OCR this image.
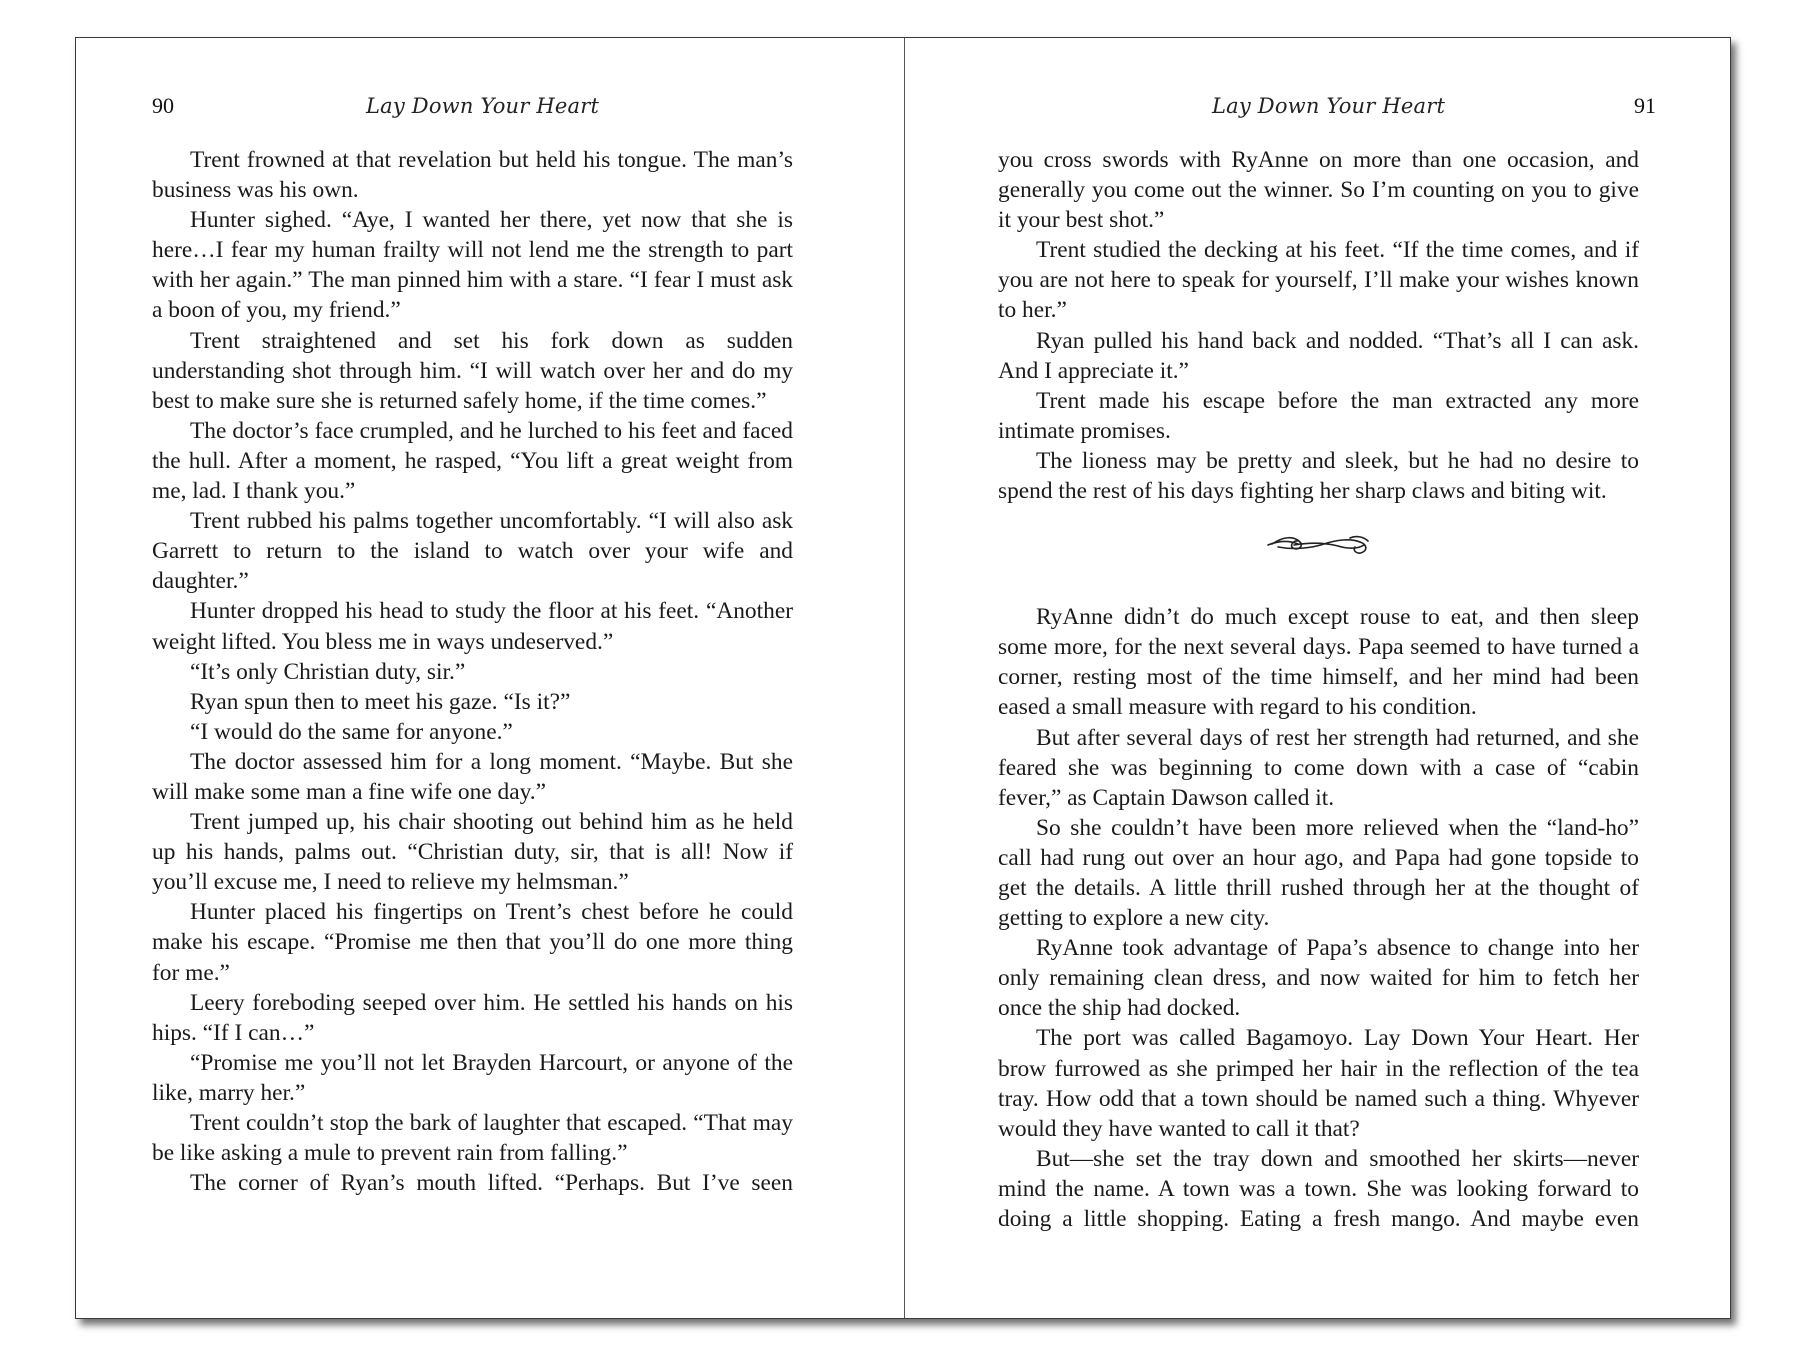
90	Lay Down Your Heart

Trent frowned at that revelation but held his tongue. The man’s business was his own.

Hunter sighed. “Aye, I wanted her there, yet now that she is here…I fear my human frailty will not lend me the strength to part with her again.” The man pinned him with a stare. “I fear I must ask a boon of you, my friend.”

Trent straightened and set his fork down as sudden understanding shot through him. “I will watch over her and do my best to make sure she is returned safely home, if the time comes.”

The doctor’s face crumpled, and he lurched to his feet and faced the hull. After a moment, he rasped, “You lift a great weight from me, lad. I thank you.”

Trent rubbed his palms together uncomfortably. “I will also ask Garrett to return to the island to watch over your wife and daughter.”

Hunter dropped his head to study the floor at his feet. “Another weight lifted. You bless me in ways undeserved.”

“It’s only Christian duty, sir.”

Ryan spun then to meet his gaze. “Is it?”

“I would do the same for anyone.”

The doctor assessed him for a long moment. “Maybe. But she will make some man a fine wife one day.”

Trent jumped up, his chair shooting out behind him as he held up his hands, palms out. “Christian duty, sir, that is all! Now if you’ll excuse me, I need to relieve my helmsman.”

Hunter placed his fingertips on Trent’s chest before he could make his escape. “Promise me then that you’ll do one more thing for me.”

Leery foreboding seeped over him. He settled his hands on his hips. “If I can…”

“Promise me you’ll not let Brayden Harcourt, or anyone of the like, marry her.”

Trent couldn’t stop the bark of laughter that escaped. “That may be like asking a mule to prevent rain from falling.”

The corner of Ryan’s mouth lifted. “Perhaps. But I’ve seen

91
Lay Down Your Heart

you cross swords with RyAnne on more than one occasion, and generally you come out the winner. So I’m counting on you to give it your best shot.”

Trent studied the decking at his feet. “If the time comes, and if you are not here to speak for yourself, I’ll make your wishes known to her.”

Ryan pulled his hand back and nodded. “That’s all I can ask. And I appreciate it.”

Trent made his escape before the man extracted any more intimate promises.

The lioness may be pretty and sleek, but he had no desire to spend the rest of his days fighting her sharp claws and biting wit.

RyAnne didn’t do much except rouse to eat, and then sleep some more, for the next several days. Papa seemed to have turned a corner, resting most of the time himself, and her mind had been eased a small measure with regard to his condition.

But after several days of rest her strength had returned, and she feared she was beginning to come down with a case of “cabin fever,” as Captain Dawson called it.

So she couldn’t have been more relieved when the “land-ho” call had rung out over an hour ago, and Papa had gone topside to get the details. A little thrill rushed through her at the thought of getting to explore a new city.

RyAnne took advantage of Papa’s absence to change into her only remaining clean dress, and now waited for him to fetch her once the ship had docked.

The port was called Bagamoyo. Lay Down Your Heart. Her brow furrowed as she primped her hair in the reflection of the tea tray. How odd that a town should be named such a thing. Whyever would they have wanted to call it that?

But—she set the tray down and smoothed her skirts—never mind the name. A town was a town. She was looking forward to doing a little shopping. Eating a fresh mango. And maybe even
